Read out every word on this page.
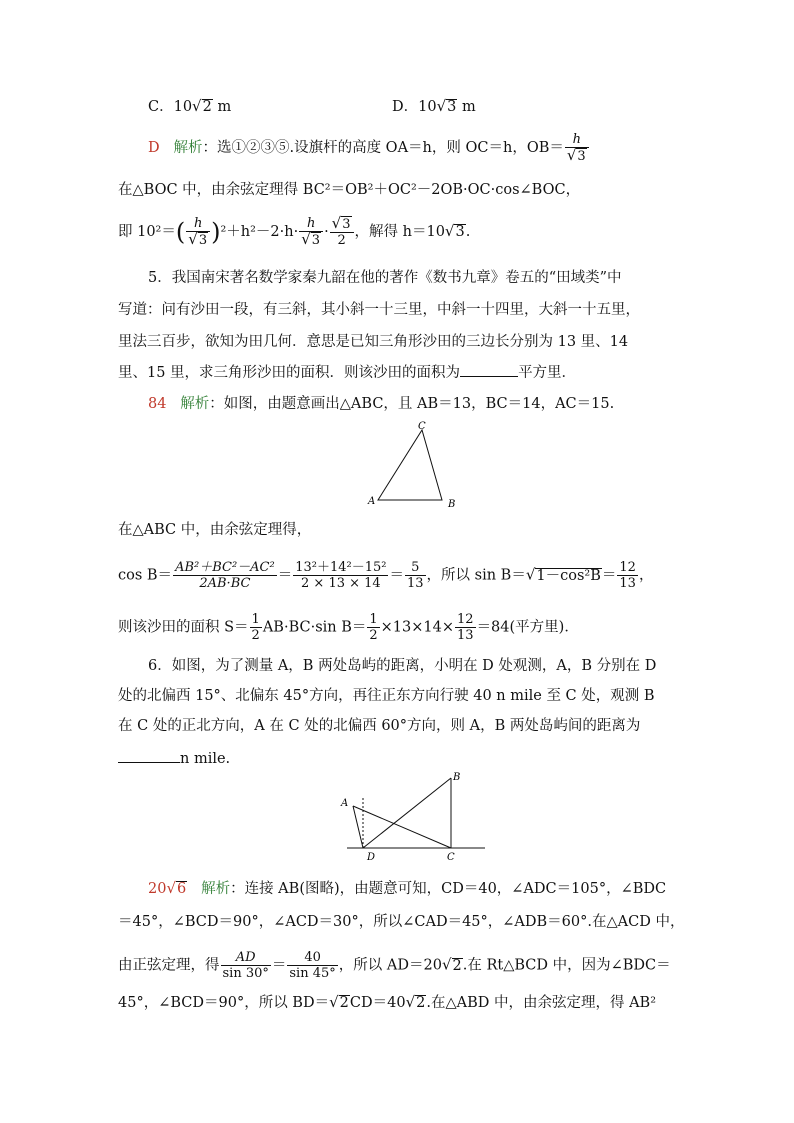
C．10√2 m	D．10√3 m
D 解析：选①②③⑤.设旗杆的高度 OA＝h，则 OC＝h，$OB= \frac{h}{√3}$
在△BOC 中，由余弦定理得 BC²＝OB²＋OC²－2OB·OC·cos∠BOC，
即 $10^2=( \frac{h}{√3} )^2+h^2-2\cdot h\cdot \frac{h}{√3} \cdot \frac{√3}{2}$ ，解得 h＝10√3.
5．我国南宋著名数学家秦九韶在他的著作《数书九章》卷五的“田域类”中
写道：问有沙田一段，有三斜，其小斜一十三里，中斜一十四里，大斜一十五里，
里法三百步，欲知为田几何．意思是已知三角形沙田的三边长分别为 13 里、14
里、15 里，求三角形沙田的面积．则该沙田的面积为	平方里．
84 解析：如图，由题意画出△ABC，且 AB＝13，BC＝14，AC＝15.
A	B
C
在△ABC 中，由余弦定理得，
$\cos B= \frac{\text{AB²＋BC²－AC²}}{2AB\cdot BC} = \frac{\text{13²＋14²－15²}}{2 \times 13 \times 14} = \frac{5}{13}$ ，所以 $\sin B=√1-\cos^2B= \frac{12}{13}$ ，
则该沙田的面积 $S= \frac{1}{2} AB\cdot BC\cdot\sin$ $B= \frac{1}{2} \times 13\times 14\times \frac{12}{13} =84$(平方里)．
6．如图，为了测量 A，B 两处岛屿的距离，小明在 D 处观测，A，B 分别在 D
处的北偏西 15°、北偏东 45°方向，再往正东方向行驶 40 n mile 至 C 处，观测 B
在 C 处的正北方向，A 在 C 处的北偏西 60°方向，则 A，B 两处岛屿间的距离为
n mile.
A
B
C
D
20√6 解析：连接 AB(图略)，由题意可知，CD＝40，∠ADC＝105°，∠BDC
＝45°，∠BCD＝90°，∠ACD＝30°，所以∠CAD＝45°，∠ADB＝60°.在△ACD 中，
由正弦定理，得 $\frac{AD}{\sin 30^\circ} = \frac{40}{\sin 45^\circ}$ ，所以 AD＝20√2.在 Rt△BCD 中，因为∠BDC＝
45°，∠BCD＝90°，所以 BD＝√2CD＝40√2.在△ABD 中，由余弦定理，得 AB²
